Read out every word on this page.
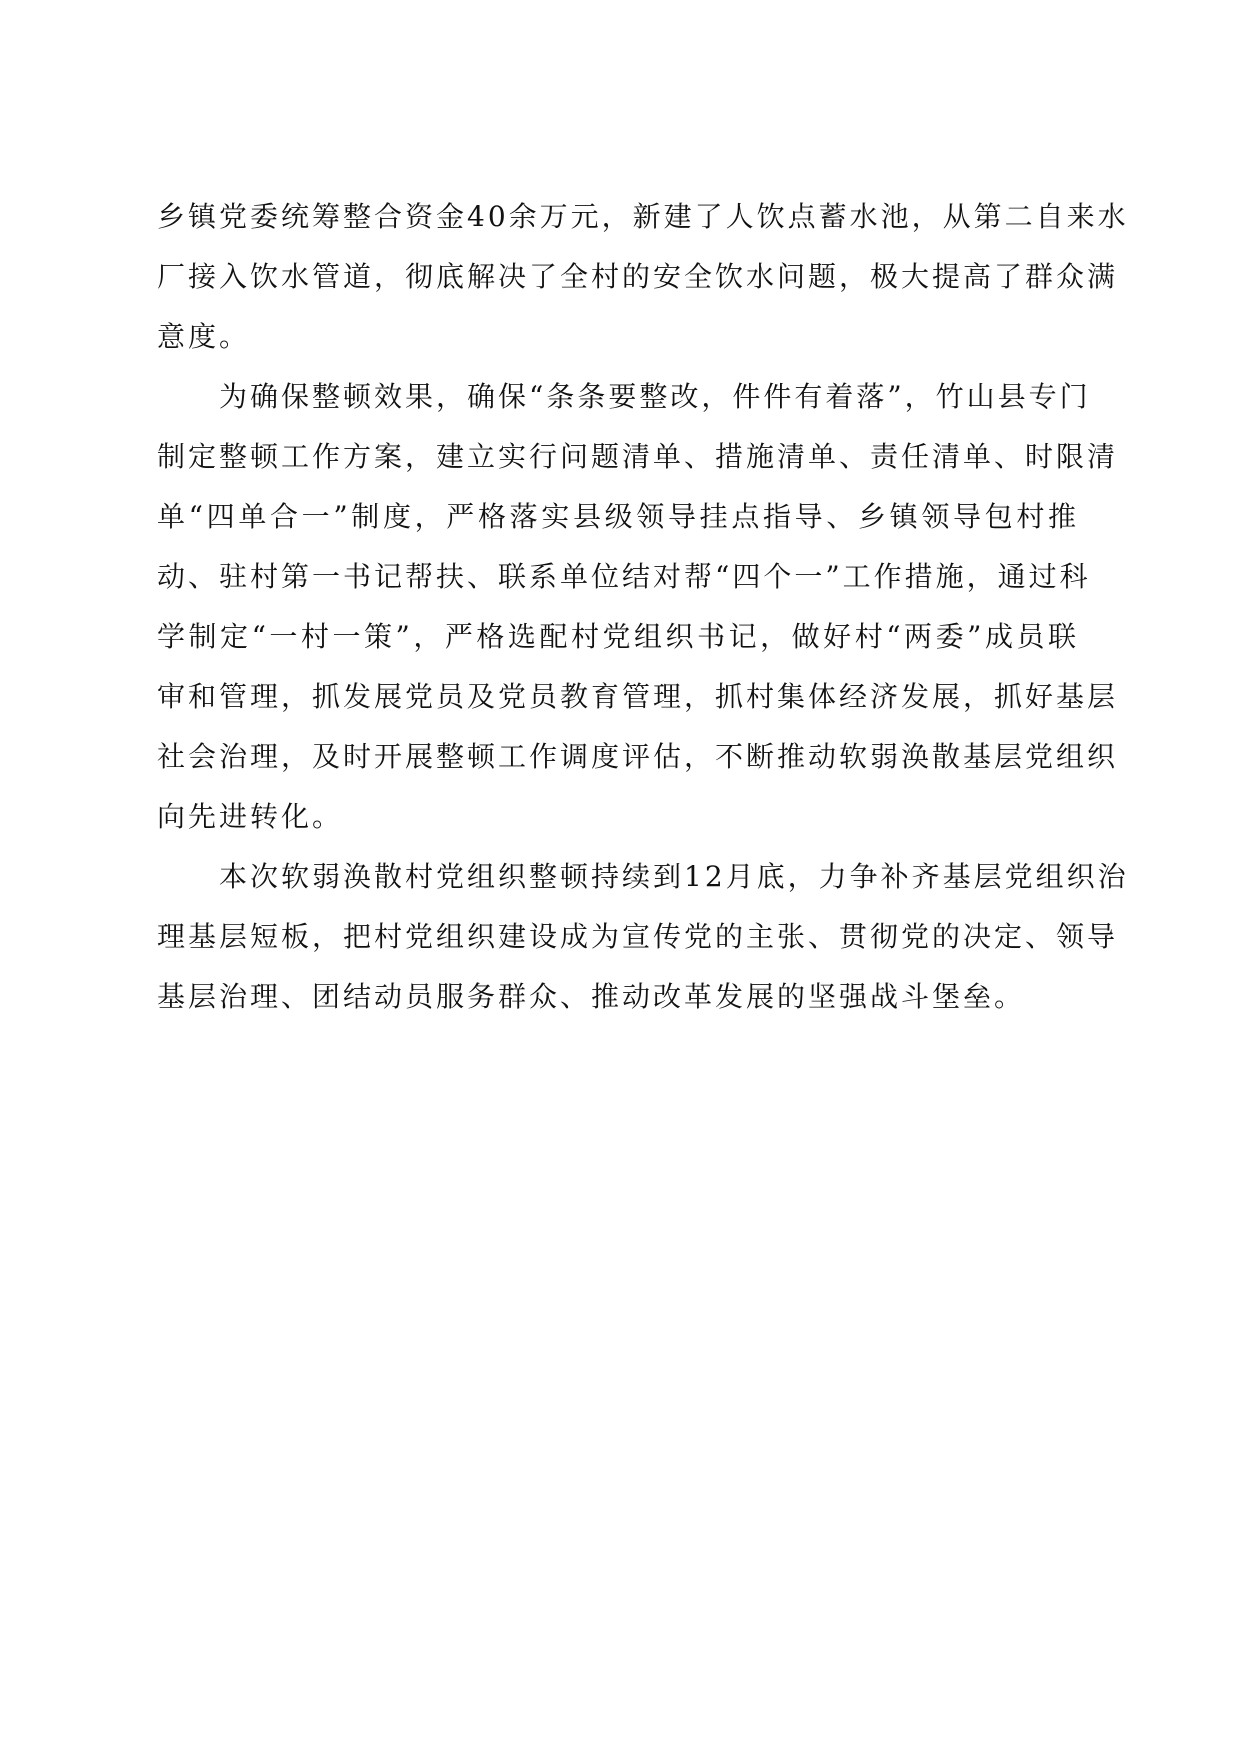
乡镇党委统筹整合资金40余万元，新建了人饮点蓄水池，从第二自来水
厂接入饮水管道，彻底解决了全村的安全饮水问题，极大提高了群众满
意度。
为确保整顿效果，确保“条条要整改，件件有着落”，竹山县专门
制定整顿工作方案，建立实行问题清单、措施清单、责任清单、时限清
单“四单合一”制度，严格落实县级领导挂点指导、乡镇领导包村推
动、驻村第一书记帮扶、联系单位结对帮“四个一”工作措施，通过科
学制定“一村一策”，严格选配村党组织书记，做好村“两委”成员联
审和管理，抓发展党员及党员教育管理，抓村集体经济发展，抓好基层
社会治理，及时开展整顿工作调度评估，不断推动软弱涣散基层党组织
向先进转化。
本次软弱涣散村党组织整顿持续到12月底，力争补齐基层党组织治
理基层短板，把村党组织建设成为宣传党的主张、贯彻党的决定、领导
基层治理、团结动员服务群众、推动改革发展的坚强战斗堡垒。
